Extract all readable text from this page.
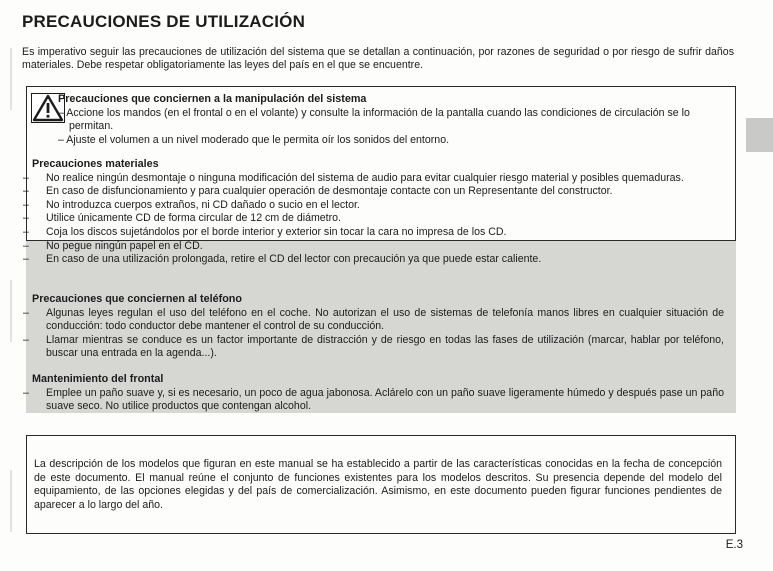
PRECAUCIONES DE UTILIZACIÓN
Es imperativo seguir las precauciones de utilización del sistema que se detallan a continuación, por razones de seguridad o por riesgo de sufrir daños materiales. Debe respetar obligatoriamente las leyes del país en el que se encuentre.
Precauciones que conciernen a la manipulación del sistema
– Accione los mandos (en el frontal o en el volante) y consulte la información de la pantalla cuando las condiciones de circulación se lo permitan.
– Ajuste el volumen a un nivel moderado que le permita oír los sonidos del entorno.
Precauciones materiales
– No realice ningún desmontaje o ninguna modificación del sistema de audio para evitar cualquier riesgo material y posibles quemaduras.
– En caso de disfuncionamiento y para cualquier operación de desmontaje contacte con un Representante del constructor.
– No introduzca cuerpos extraños, ni CD dañado o sucio en el lector.
– Utilice únicamente CD de forma circular de 12 cm de diámetro.
– Coja los discos sujetándolos por el borde interior y exterior sin tocar la cara no impresa de los CD.
– No pegue ningún papel en el CD.
– En caso de una utilización prolongada, retire el CD del lector con precaución ya que puede estar caliente.
Precauciones que conciernen al teléfono
– Algunas leyes regulan el uso del teléfono en el coche. No autorizan el uso de sistemas de telefonía manos libres en cualquier situación de conducción: todo conductor debe mantener el control de su conducción.
– Llamar mientras se conduce es un factor importante de distracción y de riesgo en todas las fases de utilización (marcar, hablar por teléfono, buscar una entrada en la agenda...).
Mantenimiento del frontal
– Emplee un paño suave y, si es necesario, un poco de agua jabonosa. Aclárelo con un paño suave ligeramente húmedo y después pase un paño suave seco. No utilice productos que contengan alcohol.
La descripción de los modelos que figuran en este manual se ha establecido a partir de las características conocidas en la fecha de concepción de este documento. El manual reúne el conjunto de funciones existentes para los modelos descritos. Su presencia depende del modelo del equipamiento, de las opciones elegidas y del país de comercialización. Asimismo, en este documento pueden figurar funciones pendientes de aparecer a lo largo del año.
E.3
